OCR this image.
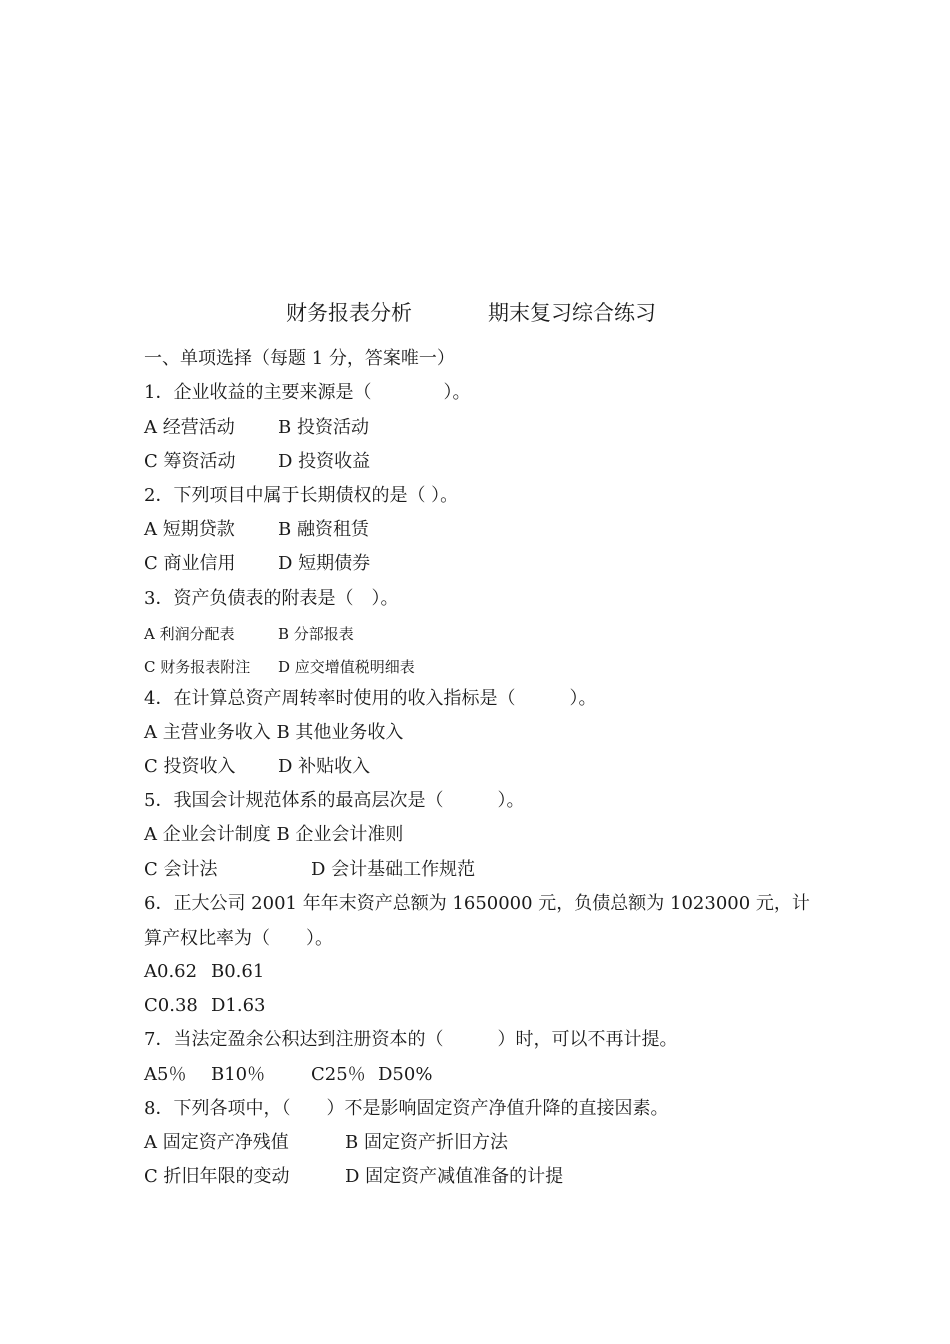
财务报表分析	期末复习综合练习
一、单项选择（每题 1 分，答案唯一）
1．企业收益的主要来源是（　　　　）。
A 经营活动 B 投资活动
C 筹资活动 D 投资收益
2．下列项目中属于长期债权的是（ ）。
A 短期贷款 B 融资租赁
C 商业信用 D 短期债券
3．资产负债表的附表是（　）。
A 利润分配表	B 分部报表
C 财务报表附注 D 应交增值税明细表
4．在计算总资产周转率时使用的收入指标是（　　　）。
A 主营业务收入 B 其他业务收入
C 投资收入 D 补贴收入
5．我国会计规范体系的最高层次是（　　　）。
A 企业会计制度 B 企业会计准则
C 会计法	D 会计基础工作规范
6．正大公司 2001 年年末资产总额为 1650000 元，负债总额为 1023000 元，计
算产权比率为（　　）。
A0.62 B0.61
C0.38 D1.63
7．当法定盈余公积达到注册资本的（　　　）时，可以不再计提。
A5％ B10％	C25％ D50%
8．下列各项中，（　　）不是影响固定资产净值升降的直接因素。
A 固定资产净残值	B 固定资产折旧方法
C 折旧年限的变动	D 固定资产减值准备的计提
